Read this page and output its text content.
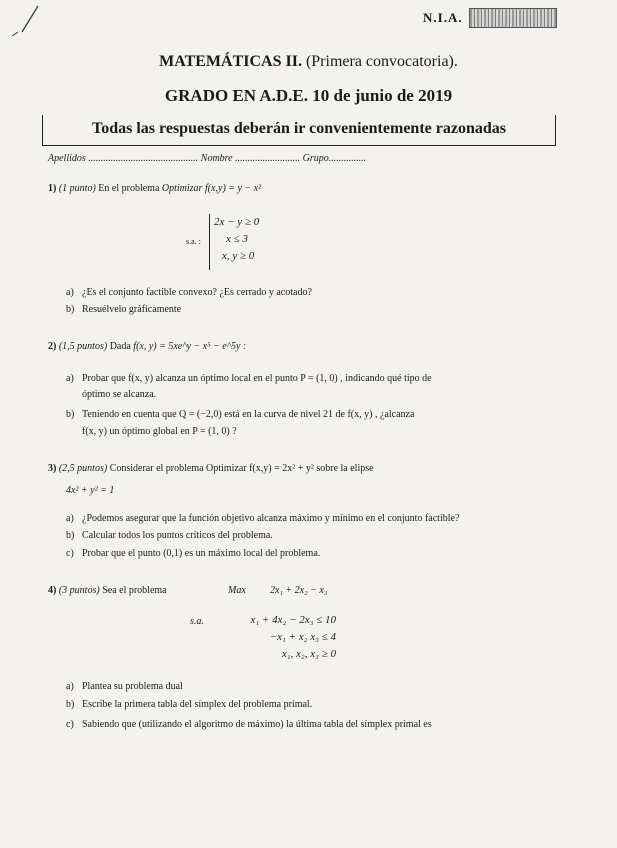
N.I.A.
MATEMÁTICAS II. (Primera convocatoria).
GRADO EN A.D.E. 10 de junio de 2019
Todas las respuestas deberán ir convenientemente razonadas
Apellidos ............................................ Nombre .......................... Grupo...............
1) (1 punto) En el problema Optimizar f(x,y) = y − x²
s.a. :
2x − y ≥ 0
x ≤ 3
x, y ≥ 0
a) ¿Es el conjunto factible convexo? ¿Es cerrado y acotado?
b) Resuélvelo gráficamente
2) (1,5 puntos) Dada f(x, y) = 5xe^y − x⁵ − e^5y :
a) Probar que f(x, y) alcanza un óptimo local en el punto P = (1, 0) , indicando qué tipo de
óptimo se alcanza.
b) Teniendo en cuenta que Q = (−2,0) está en la curva de nivel 21 de f(x, y) , ¿alcanza
f(x, y) un óptimo global en P = (1, 0) ?
3) (2,5 puntos) Considerar el problema Optimizar f(x,y) = 2x² + y² sobre la elipse
4x² + y² = 1
a) ¿Podemos asegurar que la función objetivo alcanza máximo y mínimo en el conjunto factible?
b) Calcular todos los puntos críticos del problema.
c) Probar que el punto (0,1) es un máximo local del problema.
4) (3 puntos) Sea el problema	Max 2x₁ + 2x₂ − x₃
s.a.	x₁ + 4x₂ − 2x₃ ≤ 10
−x₁ + x₂ x₃ ≤ 4
x₁, x₂, x₃ ≥ 0
a) Plantea su problema dual
b) Escribe la primera tabla del símplex del problema primal.
c) Sabiendo que (utilizando el algoritmo de máximo) la última tabla del símplex primal es
